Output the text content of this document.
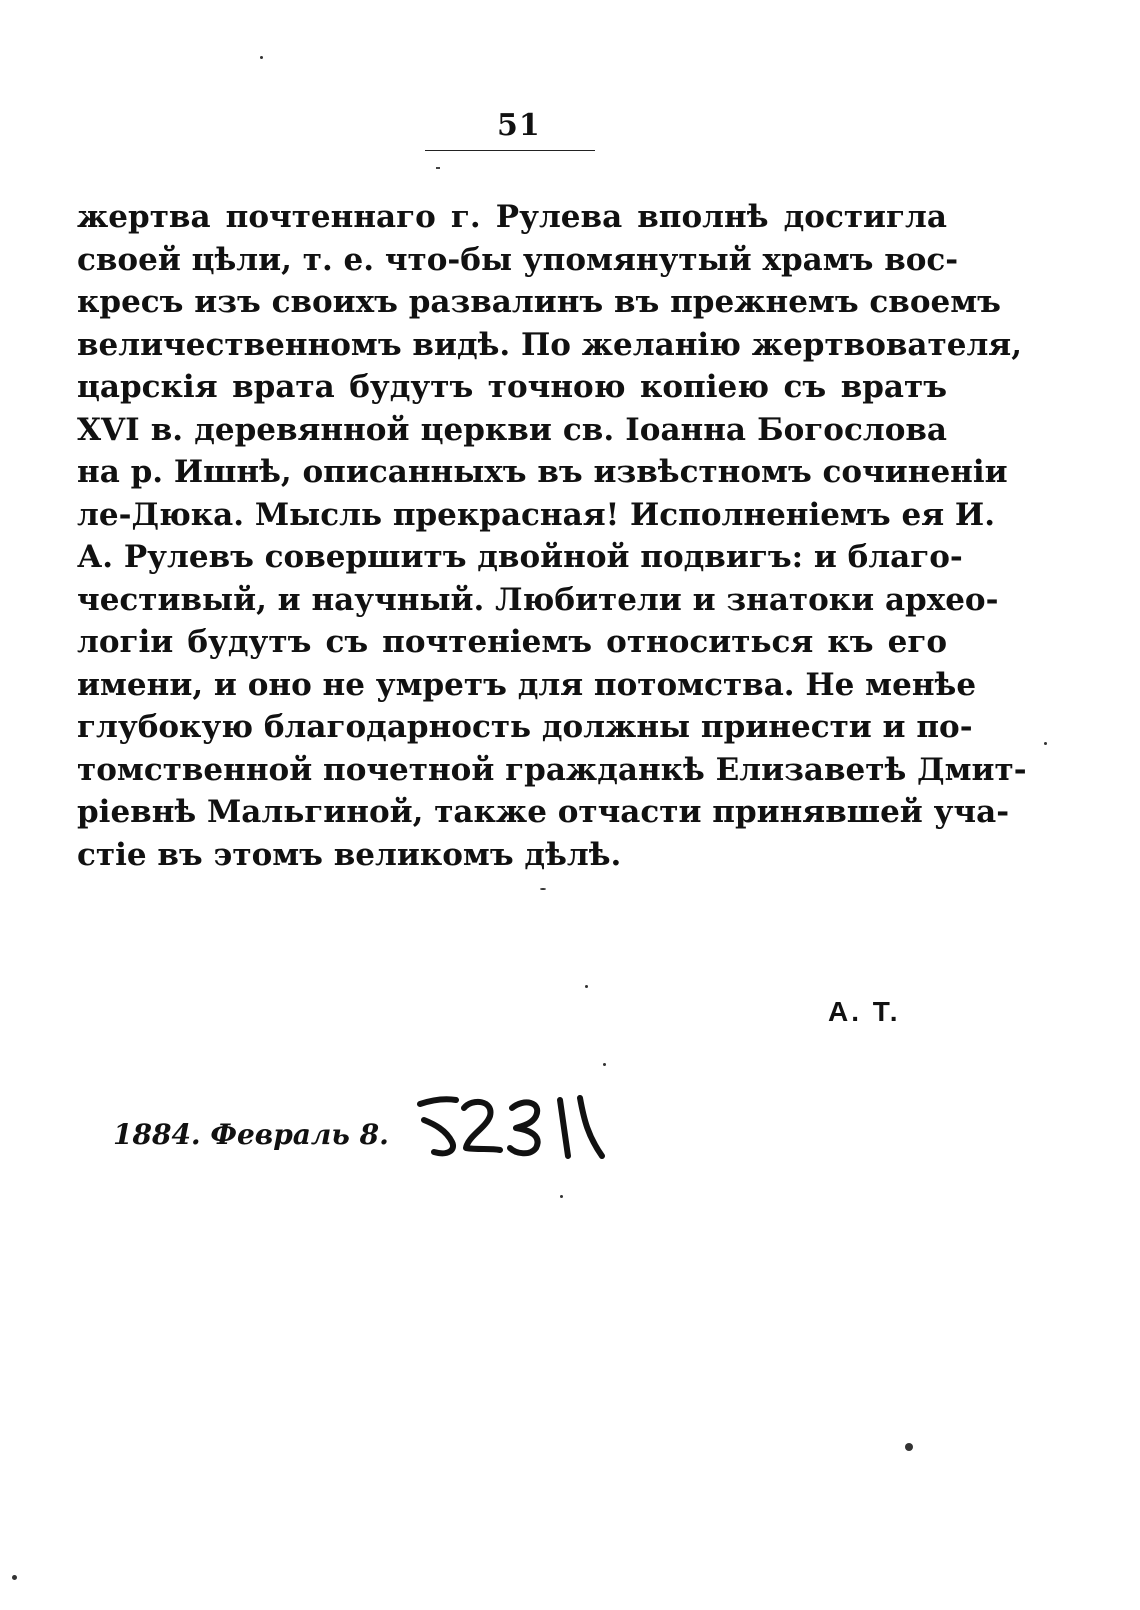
51
жертва почтеннаго г. Рулева вполнѣ достигла
своей цѣли, т. е. что-бы упомянутый храмъ вос-
кресъ изъ своихъ развалинъ въ прежнемъ своемъ
величественномъ видѣ. По желанію жертвователя,
царскія врата будутъ точною копіею съ вратъ
XVI в. деревянной церкви св. Іоанна Богослова
на р. Ишнѣ, описанныхъ въ извѣстномъ сочиненіи
ле-Дюка. Мысль прекрасная! Исполненіемъ ея И.
А. Рулевъ совершитъ двойной подвигъ: и благо-
честивый, и научный. Любители и знатоки архео-
логіи будутъ съ почтеніемъ относиться къ его
имени, и оно не умретъ для потомства. Не менѣе
глубокую благодарность должны принести и по-
томственной почетной гражданкѣ Елизаветѣ Дмит-
ріевнѣ Мальгиной, также отчасти принявшей уча-
стіе въ этомъ великомъ дѣлѣ.
А. Т.
1884. Февраль 8.
